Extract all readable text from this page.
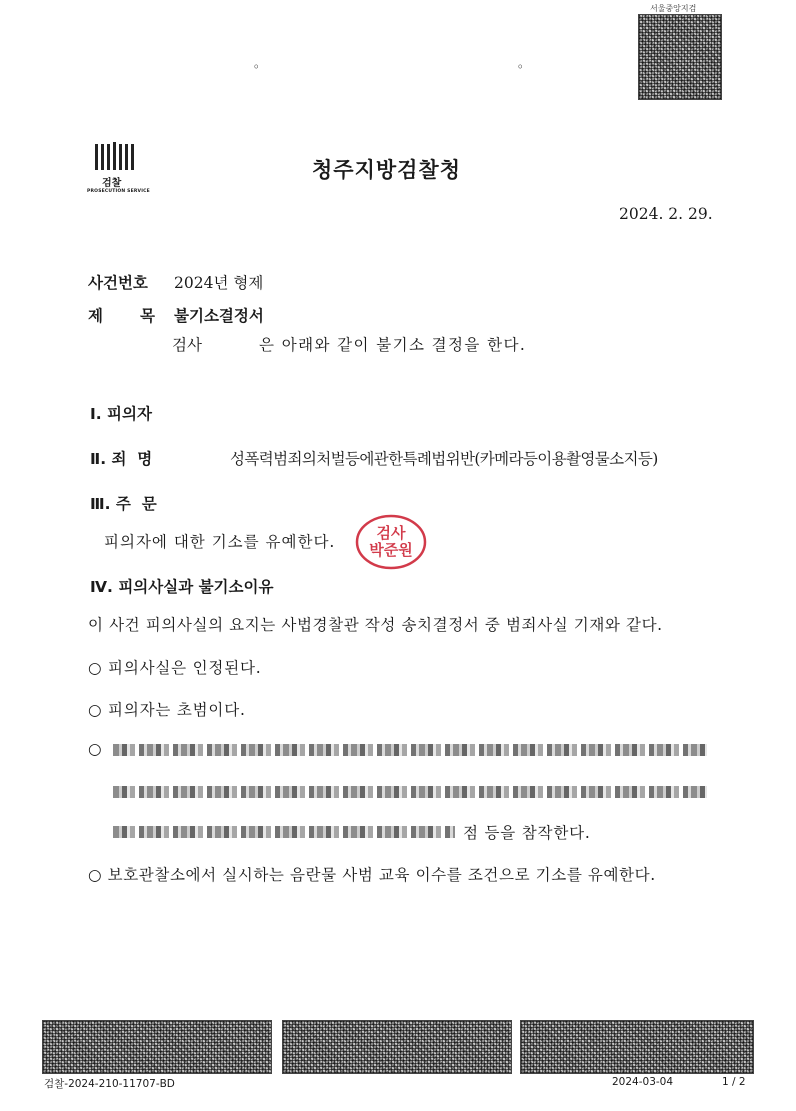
서울중앙지검
。	。
검찰
PROSECUTION SERVICE
청주지방검찰청
2024. 2. 29.
사건번호 2024년 형제
제 목 불기소결정서
검사	은 아래와 같이 불기소 결정을 한다.
Ⅰ. 피의자
Ⅱ. 죄  명	성폭력범죄의처벌등에관한특례법위반(카메라등이용촬영물소지등)
Ⅲ. 주  문
피의자에 대한 기소를 유예한다.	검 사
박 준 원
Ⅳ. 피의사실과 불기소이유
이 사건 피의사실의 요지는 사법경찰관 작성 송치결정서 중 범죄사실 기재와 같다.
○ 피의사실은 인정된다.
○ 피의자는 초범이다.
○
점 등을 참작한다.
○ 보호관찰소에서 실시하는 음란물 사범 교육 이수를 조건으로 기소를 유예한다.
검찰-2024-210-11707-BD	2024-03-04	1 / 2
